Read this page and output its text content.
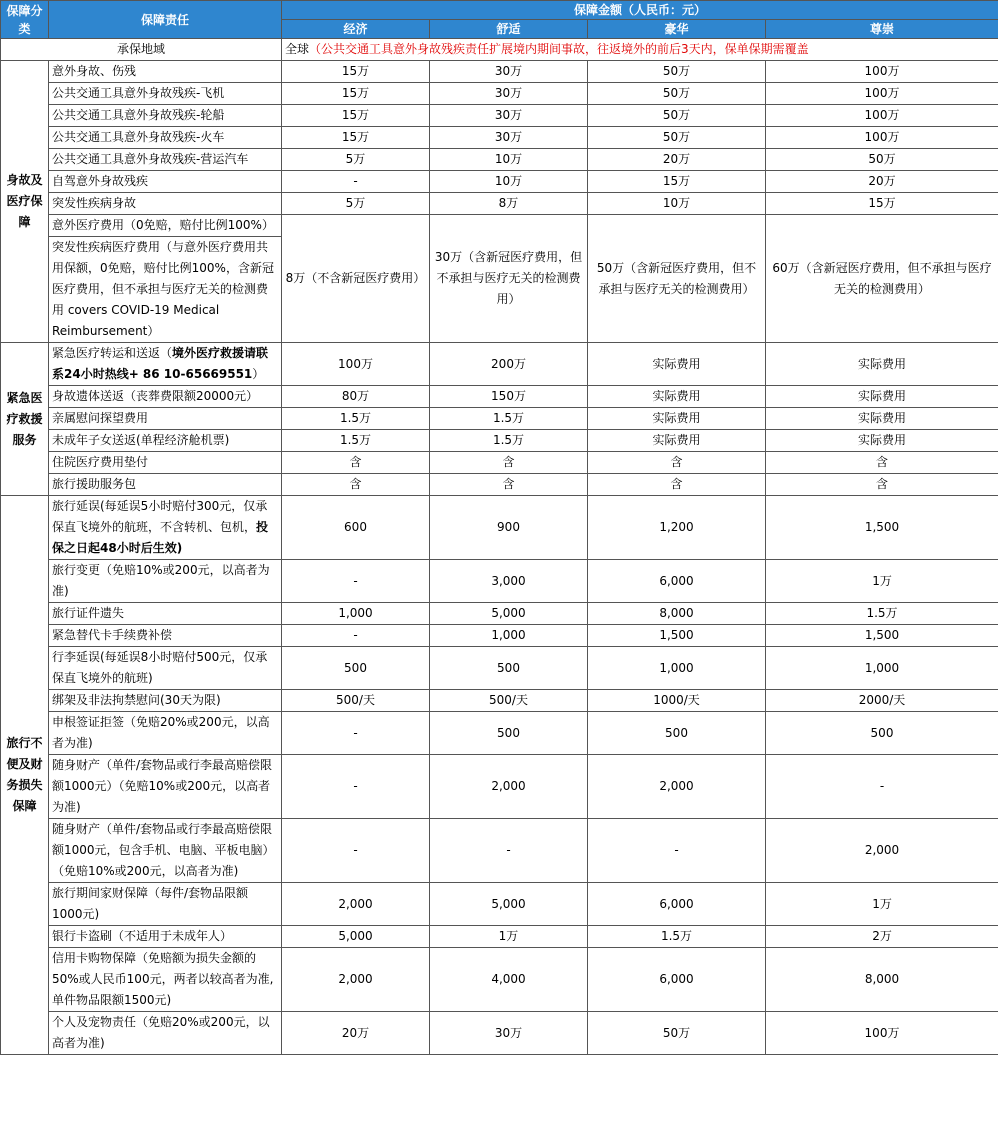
保障分类	保障责任	保障金额（人民币：元）			
		经济	舒适	豪华	尊崇
承保地域		全球（公共交通工具意外身故残疾责任扩展境内期间事故，往返境外的前后3天内，保单保期需覆盖			
身故及医疗保障	意外身故、伤残	15万	30万	50万	100万
	公共交通工具意外身故残疾-飞机	15万	30万	50万	100万
	公共交通工具意外身故残疾-轮船	15万	30万	50万	100万
	公共交通工具意外身故残疾-火车	15万	30万	50万	100万
	公共交通工具意外身故残疾-营运汽车	5万	10万	20万	50万
	自驾意外身故残疾	-	10万	15万	20万
	突发性疾病身故	5万	8万	10万	15万
	意外医疗费用（0免赔，赔付比例100%）	8万（不含新冠医疗费用）	30万（含新冠医疗费用，但不承担与医疗无关的检测费用）	50万（含新冠医疗费用，但不承担与医疗无关的检测费用）	60万（含新冠医疗费用，但不承担与医疗无关的检测费用）
	突发性疾病医疗费用（与意外医疗费用共用保额，0免赔，赔付比例100%，含新冠医疗费用，但不承担与医疗无关的检测费用 covers COVID-19 Medical Reimbursement）				
紧急医疗救援服务	紧急医疗转运和送返（境外医疗救援请联系24小时热线+ 86 10-65669551）	100万	200万	实际费用	实际费用
	身故遗体送返（丧葬费限额20000元）	80万	150万	实际费用	实际费用
	亲属慰问探望费用	1.5万	1.5万	实际费用	实际费用
	未成年子女送返(单程经济舱机票)	1.5万	1.5万	实际费用	实际费用
	住院医疗费用垫付	含	含	含	含
	旅行援助服务包	含	含	含	含
旅行不便及财务损失保障	旅行延误(每延误5小时赔付300元，仅承保直飞境外的航班，不含转机、包机，投保之日起48小时后生效)	600	900	1,200	1,500
	旅行变更（免赔10%或200元，以高者为准)	-	3,000	6,000	1万
	旅行证件遗失	1,000	5,000	8,000	1.5万
	紧急替代卡手续费补偿	-	1,000	1,500	1,500
	行李延误(每延误8小时赔付500元，仅承保直飞境外的航班)	500	500	1,000	1,000
	绑架及非法拘禁慰问(30天为限)	500/天	500/天	1000/天	2000/天
	申根签证拒签（免赔20%或200元，以高者为准)	-	500	500	500
	随身财产（单件/套物品或行李最高赔偿限额1000元）（免赔10%或200元，以高者为准)	-	2,000	2,000	-
	随身财产（单件/套物品或行李最高赔偿限额1000元，包含手机、电脑、平板电脑）（免赔10%或200元，以高者为准)	-	-	-	2,000
	旅行期间家财保障（每件/套物品限额1000元)	2,000	5,000	6,000	1万
	银行卡盗刷（不适用于未成年人）	5,000	1万	1.5万	2万
	信用卡购物保障（免赔额为损失金额的50%或人民币100元，两者以较高者为准,单件物品限额1500元)	2,000	4,000	6,000	8,000
	个人及宠物责任（免赔20%或200元，以高者为准)	20万	30万	50万	100万
